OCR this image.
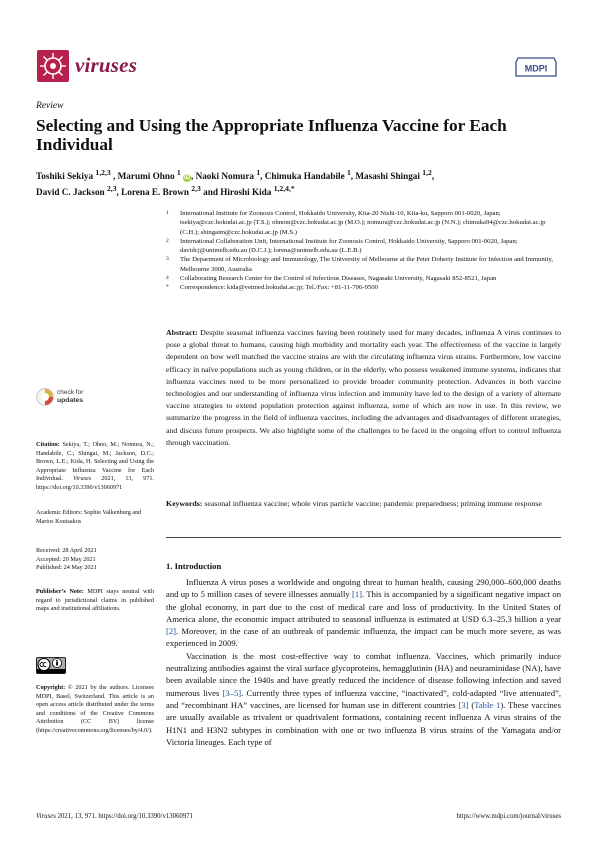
viruses	MDPI
Review
Selecting and Using the Appropriate Influenza Vaccine for Each Individual
Toshiki Sekiya $^{1,2,3}$ , Marumi Ohno $^1$ iD, Naoki Nomura $^1$, Chimuka Handabile $^1$, Masashi Shingai $^{1,2}$,
David C. Jackson $^{2,3}$, Lorena E. Brown $^{2,3}$ and Hiroshi Kida $^{1,2,4,*}$
1	International Institute for Zoonosis Control, Hokkaido University, Kita-20 Nishi-10, Kita-ku, Sapporo 001-0020, Japan; tsekiya@czc.hokudai.ac.jp (T.S.); ohnom@czc.hokudai.ac.jp (M.O.); nomura@czc.hokudai.ac.jp (N.N.); chimuka94@czc.hokudai.ac.jp (C.H.); shingaim@czc.hokudai.ac.jp (M.S.)
2	International Collaboration Unit, International Institute for Zoonosis Control, Hokkaido University, Sapporo 001-0020, Japan; davidcj@unimelb.edu.au (D.C.J.); lorena@unimelb.edu.au (L.E.B.)
3	The Department of Microbiology and Immunology, The University of Melbourne at the Peter Doherty Institute for Infection and Immunity, Melbourne 3000, Australia
4	Collaborating Research Center for the Control of Infectious Diseases, Nagasaki University, Nagasaki 852-8521, Japan
*	Correspondence: kida@vetmed.hokudai.ac.jp; Tel./Fax: +81-11-706-9500
Abstract: Despite seasonal influenza vaccines having been routinely used for many decades, influenza A virus continues to pose a global threat to humans, causing high morbidity and mortality each year. The effectiveness of the vaccine is largely dependent on how well matched the vaccine strains are with the circulating influenza virus strains. Furthermore, low vaccine efficacy in naïve populations such as young children, or in the elderly, who possess weakened immune systems, indicates that influenza vaccines need to be more personalized to provide broader community protection. Advances in both vaccine technologies and our understanding of influenza virus infection and immunity have led to the design of a variety of alternate vaccine strategies to extend population protection against influenza, some of which are now in use. In this review, we summarize the progress in the field of influenza vaccines, including the advantages and disadvantages of different strategies, and discuss future prospects. We also highlight some of the challenges to be faced in the ongoing effort to control influenza through vaccination.
Keywords: seasonal influenza vaccine; whole virus particle vaccine; pandemic preparedness; priming immune response
check for
updates
Citation: Sekiya, T.; Ohno, M.; Nomura, N.; Handabile, C.; Shingai, M.; Jackson, D.C.; Brown, L.E.; Kida, H. Selecting and Using the Appropriate Influenza Vaccine for Each Individual. Viruses 2021, 13, 971. https://doi.org/10.3390/v13060971
Academic Editors: Sophie Valkenburg and Marios Koutsakos
Received: 28 April 2021
Accepted: 20 May 2021
Published: 24 May 2021
Publisher’s Note: MDPI stays neutral with regard to jurisdictional claims in published maps and institutional affiliations.
Copyright: © 2021 by the authors. Licensee MDPI, Basel, Switzerland. This article is an open access article distributed under the terms and conditions of the Creative Commons Attribution (CC BY) license (https://creativecommons.org/licenses/by/4.0/).
1. Introduction

Influenza A virus poses a worldwide and ongoing threat to human health, causing 290,000–600,000 deaths and up to 5 million cases of severe illnesses annually [1]. This is accompanied by a significant negative impact on the global economy, in part due to the cost of medical care and loss of productivity. In the United States of America alone, the economic impact attributed to seasonal influenza is estimated at USD 6.3–25.3 billion a year [2]. Moreover, in the case of an outbreak of pandemic influenza, the impact can be much more severe, as was experienced in 2009.

Vaccination is the most cost-effective way to combat influenza. Vaccines, which primarily induce neutralizing antibodies against the viral surface glycoproteins, hemagglutinin (HA) and neuraminidase (NA), have been available since the 1940s and have greatly reduced the incidence of disease following infection and saved numerous lives [3–5]. Currently three types of influenza vaccine, “inactivated”, cold-adapted “live attenuated”, and “recombinant HA” vaccines, are licensed for human use in different countries [3] (Table 1). These vaccines are usually available as trivalent or quadrivalent formations, containing recent influenza A virus strains of the H1N1 and H3N2 subtypes in combination with one or two influenza B virus strains of the Yamagata and/or Victoria lineages. Each type of

Viruses 2021, 13, 971. https://doi.org/10.3390/v13060971	https://www.mdpi.com/journal/viruses
